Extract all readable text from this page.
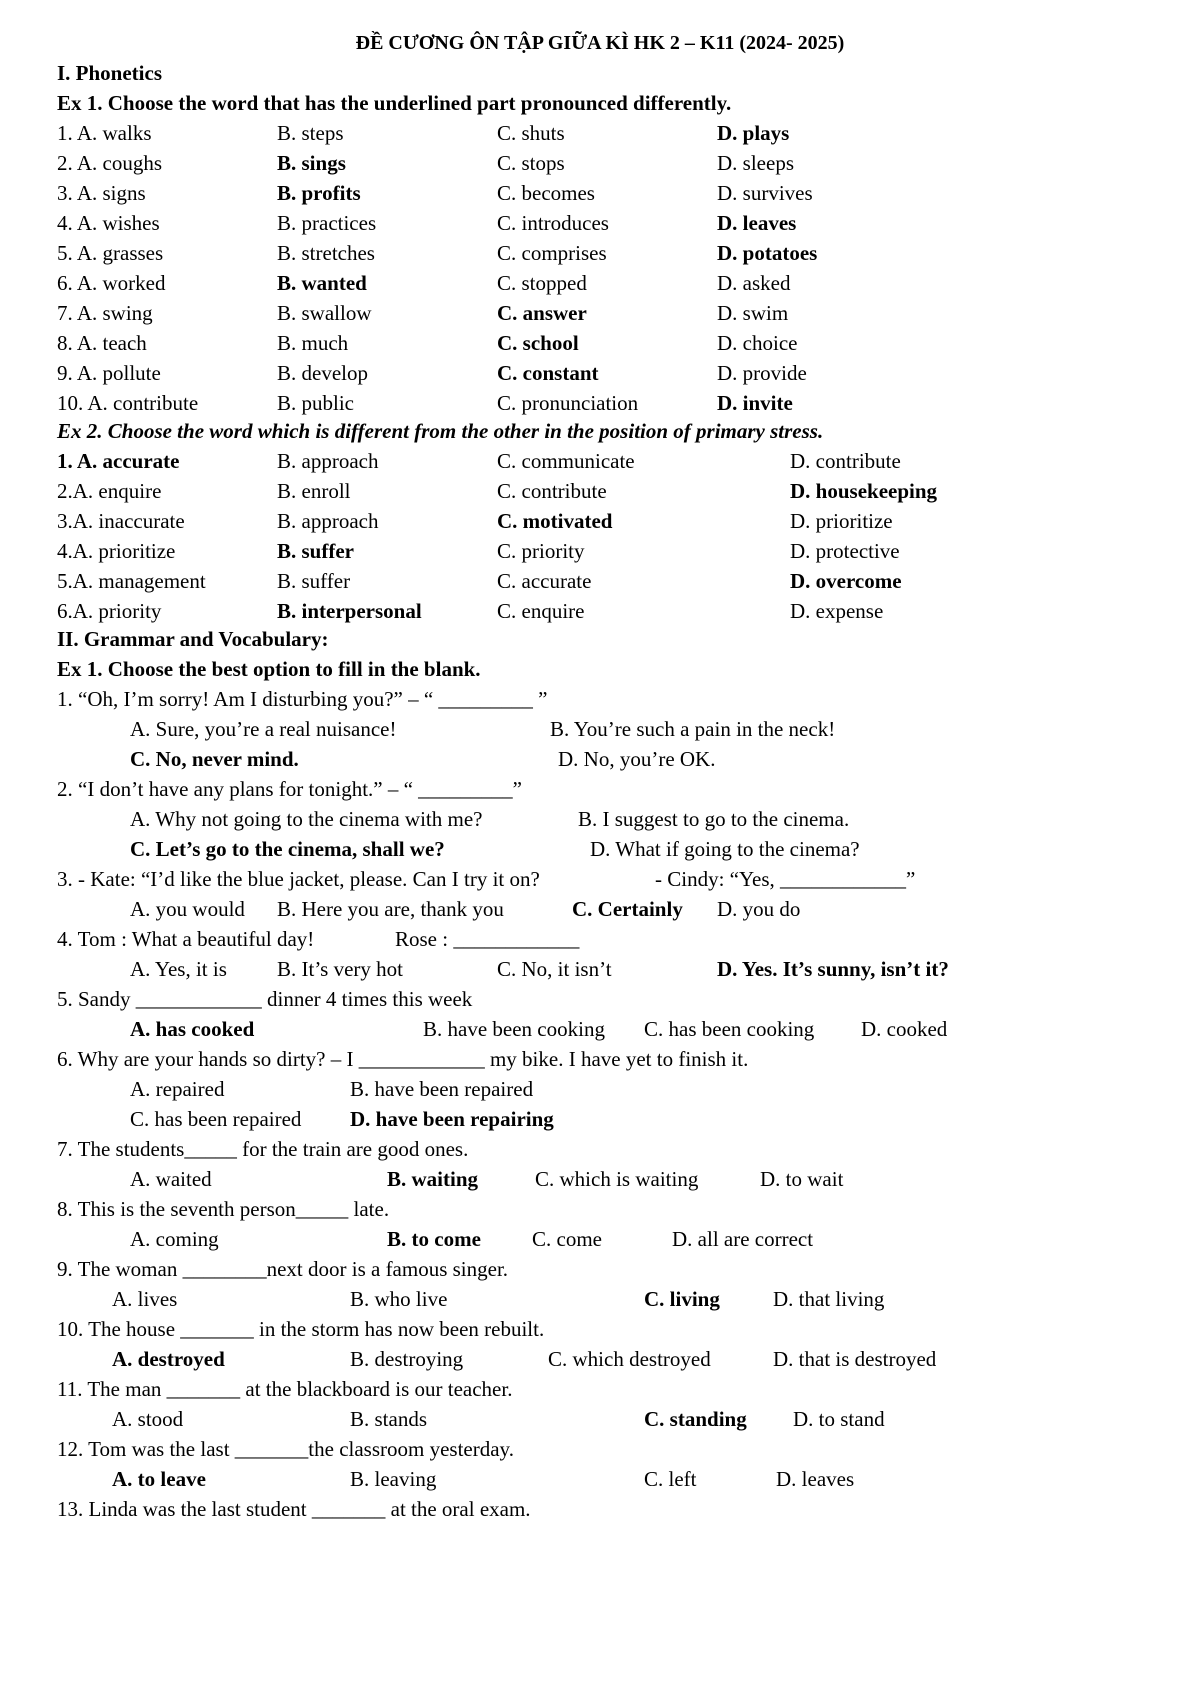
ĐỀ CƯƠNG ÔN TẬP GIỮA KÌ HK 2 – K11 (2024- 2025)
I. Phonetics
Ex 1. Choose the word that has the underlined part pronounced differently.
1. A. walks	B. steps	C. shuts	D. plays
2. A. coughs	B. sings	C. stops	D. sleeps
3. A. signs	B. profits	C. becomes	D. survives
4. A. wishes	B. practices	C. introduces	D. leaves
5. A. grasses	B. stretches	C. comprises	D. potatoes
6. A. worked	B. wanted	C. stopped	D. asked
7. A. swing	B. swallow	C. answer	D. swim
8. A. teach	B. much	C. school	D. choice
9. A. pollute	B. develop	C. constant	D. provide
10. A. contribute	B. public	C. pronunciation	D. invite
Ex 2. Choose the word which is different from the other in the position of primary stress.
1. A. accurate	B. approach	C. communicate	D. contribute
2.A. enquire	B. enroll	C. contribute	D. housekeeping
3.A. inaccurate	B. approach	C. motivated	D. prioritize
4.A. prioritize	B. suffer	C. priority	D. protective
5.A. management	B. suffer	C. accurate	D. overcome
6.A. priority	B. interpersonal	C. enquire	D. expense
II. Grammar and Vocabulary:
Ex 1. Choose the best option to fill in the blank.
1. “Oh, I’m sorry! Am I disturbing you?” – “ _________ ”
A. Sure, you’re a real nuisance!	B. You’re such a pain in the neck!
C. No, never mind.	D. No, you’re OK.
2. “I don’t have any plans for tonight.” – “ _________”
A. Why not going to the cinema with me?	B. I suggest to go to the cinema.
C. Let’s go to the cinema, shall we?	D. What if going to the cinema?
3. - Kate: “I’d like the blue jacket, please. Can I try it on?	- Cindy: “Yes, ____________”
A. you would B. Here you are, thank you	C. Certainly D. you do
4. Tom : What a beautiful day!	Rose : ____________
A. Yes, it is B. It’s very hot	C. No, it isn’t	D. Yes. It’s sunny, isn’t it?
5. Sandy ____________ dinner 4 times this week
A. has cooked	B. have been cooking C. has been cooking D. cooked
6. Why are your hands so dirty? – I ____________ my bike. I have yet to finish it.
A. repaired	B. have been repaired
C. has been repaired D. have been repairing
7. The students_____ for the train are good ones.
A. waited	B. waiting	C. which is waiting	D. to wait
8. This is the seventh person_____ late.
A. coming	B. to come C. come	D. all are correct
9. The woman ________next door is a famous singer.
A. lives	B. who live	C. living	D. that living
10. The house _______ in the storm has now been rebuilt.
A. destroyed	B. destroying	C. which destroyed	D. that is destroyed
11. The man _______ at the blackboard is our teacher.
A. stood	B. stands	C. standing D. to stand
12. Tom was the last _______the classroom yesterday.
A. to leave	B. leaving	C. left	D. leaves
13. Linda was the last student _______ at the oral exam.
